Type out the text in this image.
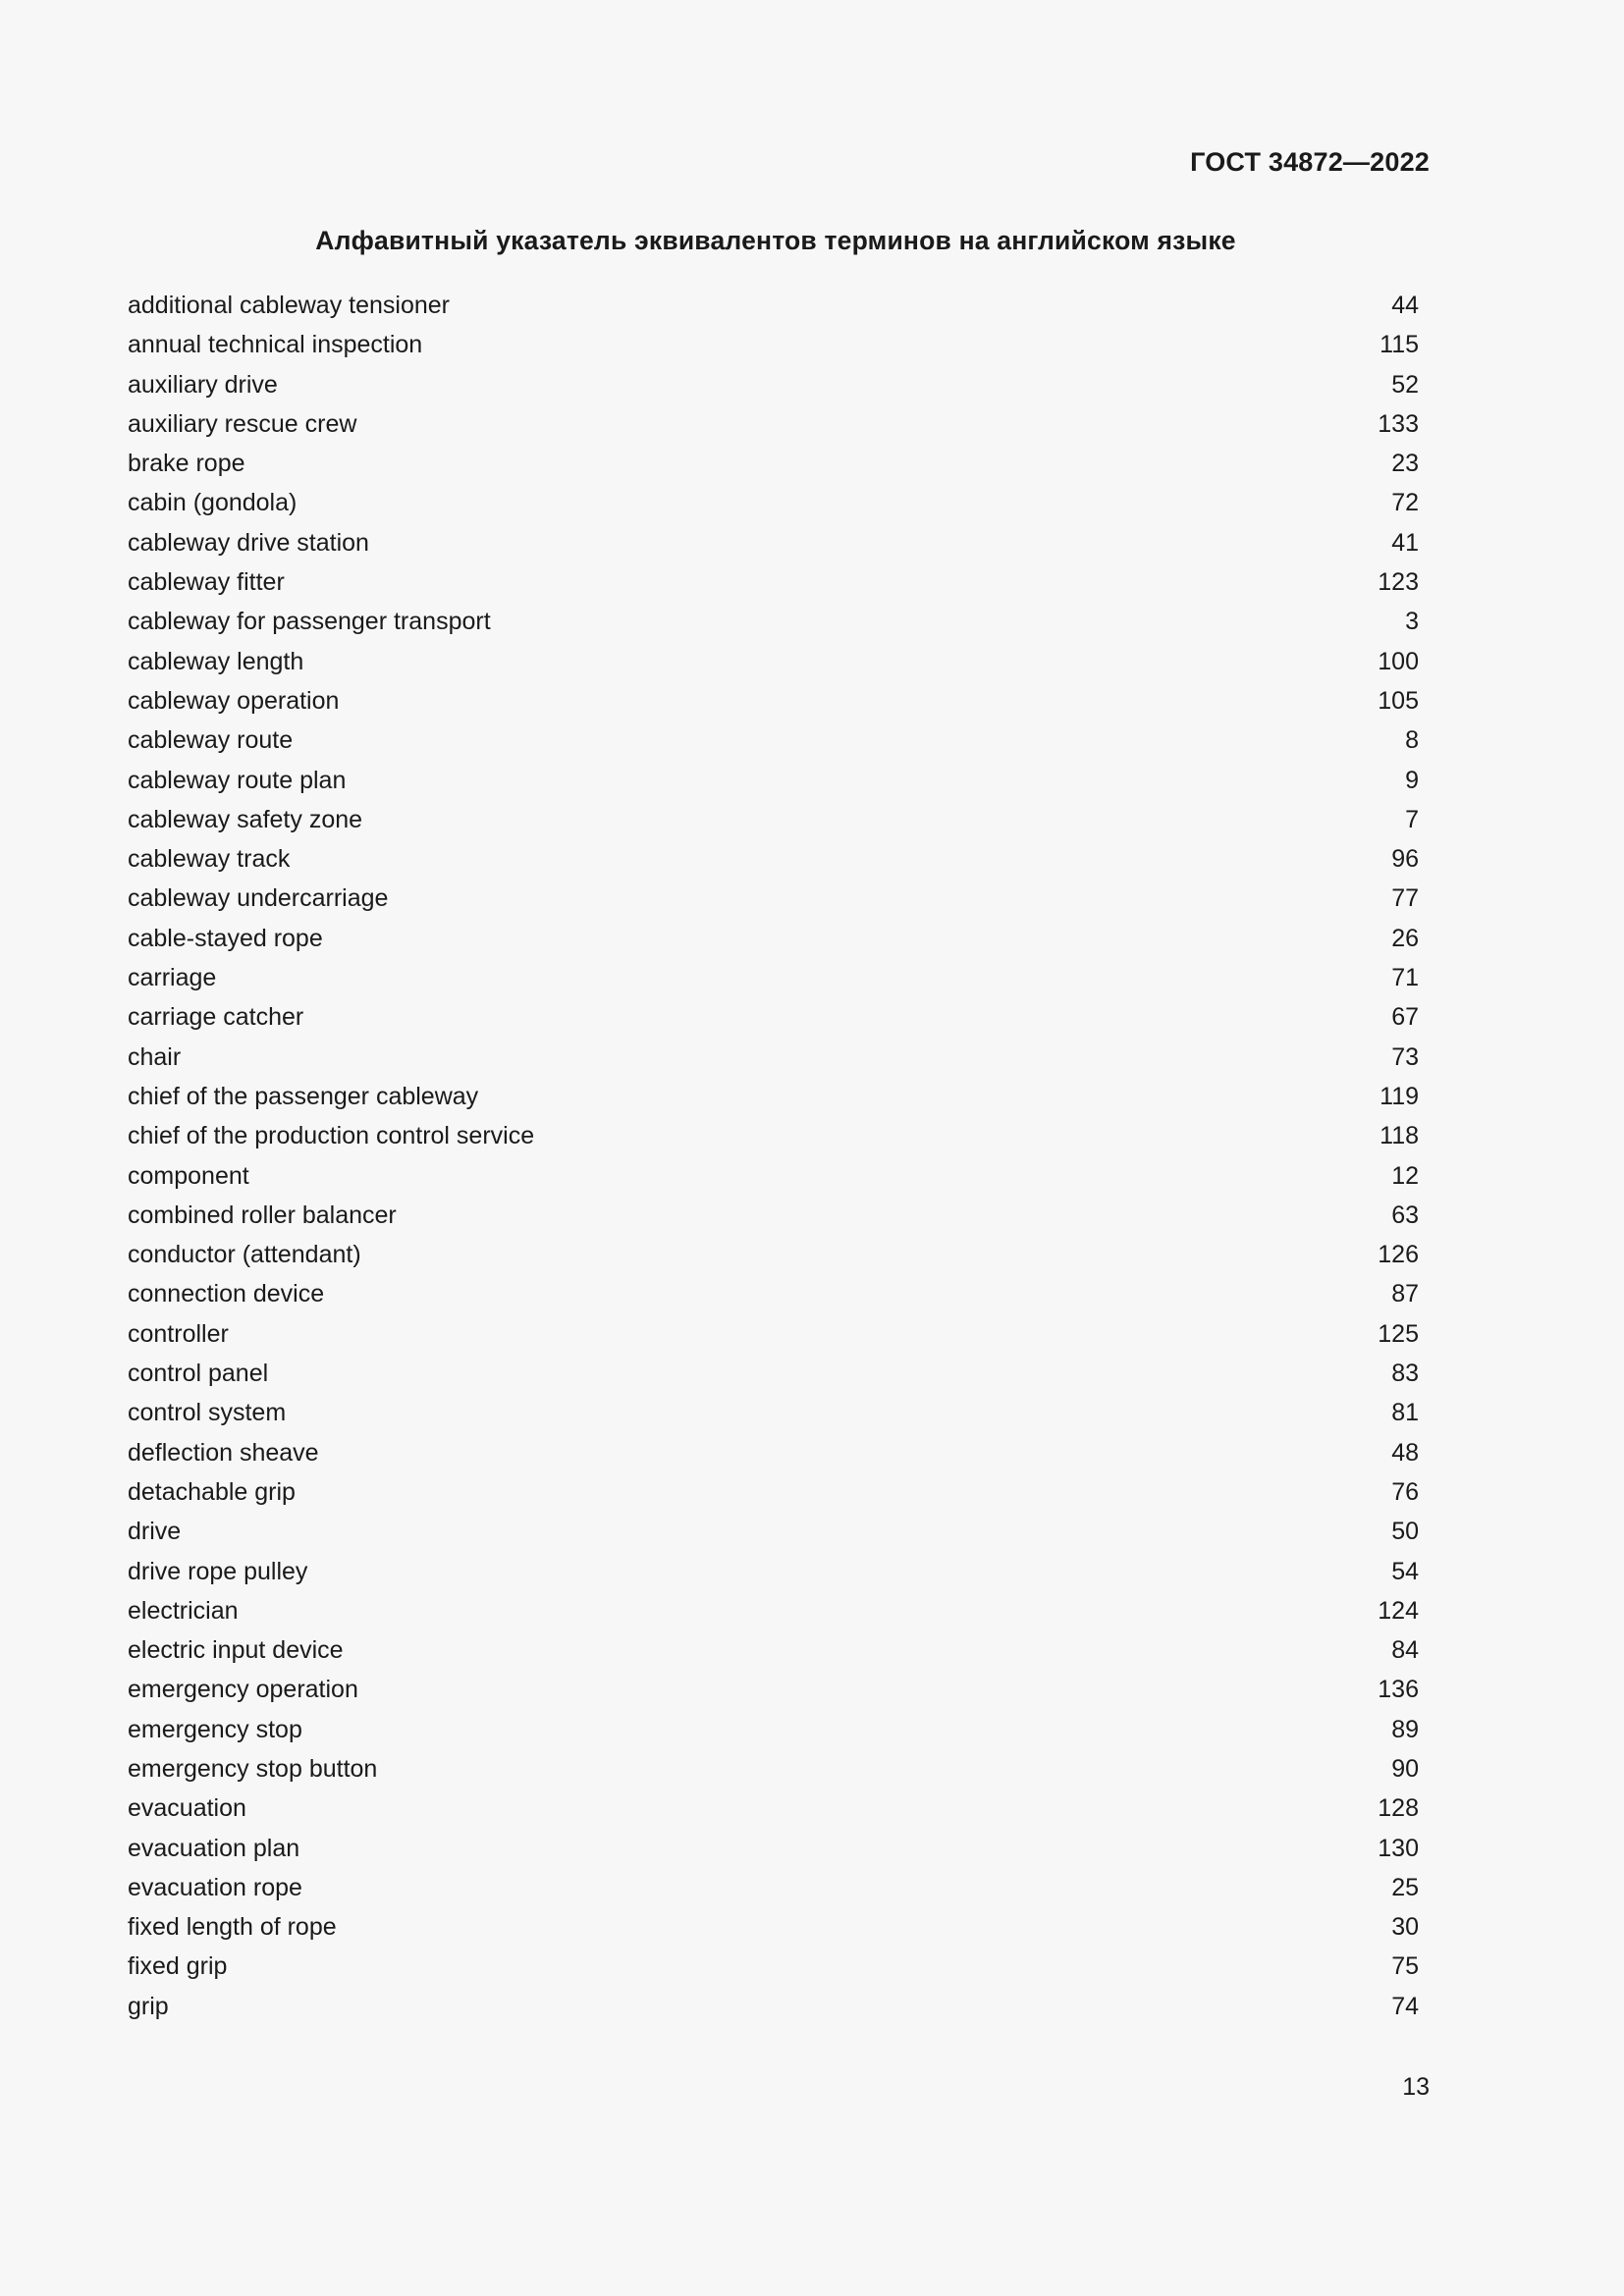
ГОСТ 34872—2022
Алфавитный указатель эквивалентов терминов на английском языке
additional cableway tensioner	44
annual technical inspection	115
auxiliary drive	52
auxiliary rescue crew	133
brake rope	23
cabin (gondola)	72
cableway drive station	41
cableway fitter	123
cableway for passenger transport	3
cableway length	100
cableway operation	105
cableway route	8
cableway route plan	9
cableway safety zone	7
cableway track	96
cableway undercarriage	77
cable-stayed rope	26
carriage	71
carriage catcher	67
chair	73
chief of the passenger cableway	119
chief of the production control service	118
component	12
combined roller balancer	63
conductor (attendant)	126
connection device	87
controller	125
control panel	83
control system	81
deflection sheave	48
detachable grip	76
drive	50
drive rope pulley	54
electrician	124
electric input device	84
emergency operation	136
emergency stop	89
emergency stop button	90
evacuation	128
evacuation plan	130
evacuation rope	25
fixed length of rope	30
fixed grip	75
grip	74
13
